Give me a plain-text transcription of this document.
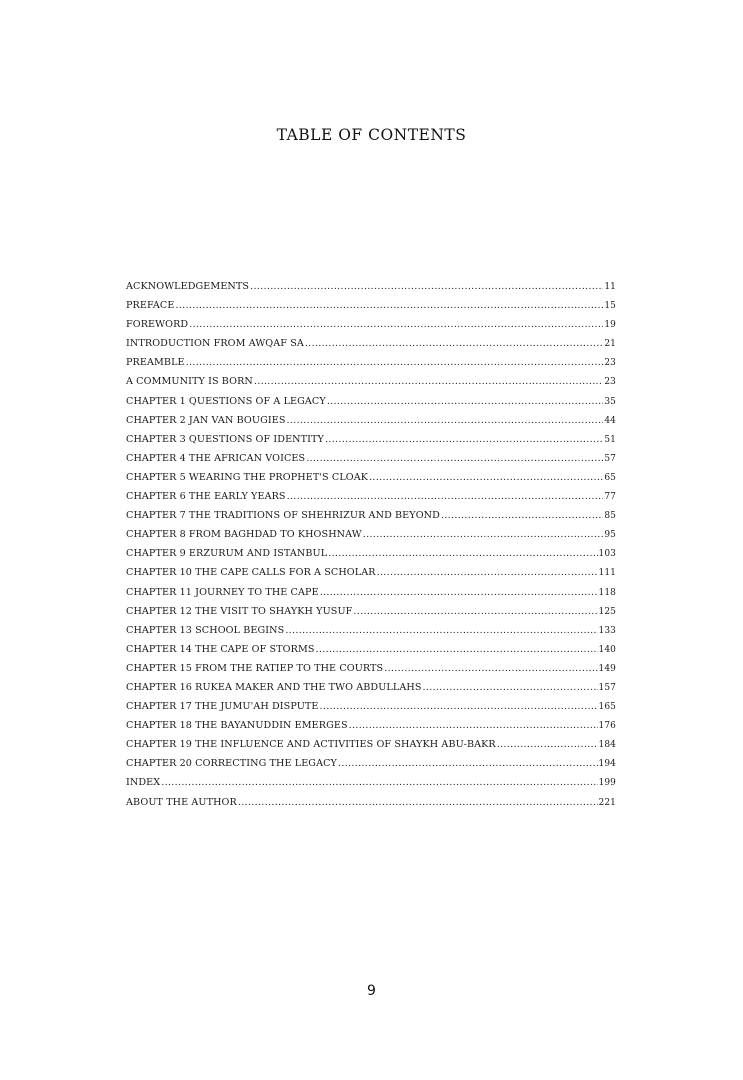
TABLE OF CONTENTS
ACKNOWLEDGEMENTS .....	11
PREFACE .....	15
FOREWORD .....	19
INTRODUCTION FROM AWQAF SA .....	21
PREAMBLE .....	23
A COMMUNITY IS BORN .....	23
CHAPTER 1 QUESTIONS OF A LEGACY .....	35
CHAPTER 2 JAN VAN BOUGIES .....	44
CHAPTER 3 QUESTIONS OF IDENTITY .....	51
CHAPTER 4 THE AFRICAN VOICES .....	57
CHAPTER 5 WEARING THE PROPHET'S CLOAK .....	65
CHAPTER 6 THE EARLY YEARS .....	77
CHAPTER 7 THE TRADITIONS OF SHEHRIZUR AND BEYOND .....	85
CHAPTER 8 FROM BAGHDAD TO KHOSHNAW .....	95
CHAPTER 9 ERZURUM AND ISTANBUL .....	103
CHAPTER 10 THE CAPE CALLS FOR A SCHOLAR .....	111
CHAPTER 11 JOURNEY TO THE CAPE .....	118
CHAPTER 12 THE VISIT TO SHAYKH YUSUF .....	125
CHAPTER 13 SCHOOL BEGINS .....	133
CHAPTER 14 THE CAPE OF STORMS .....	140
CHAPTER 15 FROM THE RATIEP TO THE COURTS .....	149
CHAPTER 16 RUKEA MAKER AND THE TWO ABDULLAHS .....	157
CHAPTER 17 THE JUMU'AH DISPUTE .....	165
CHAPTER 18 THE BAYANUDDIN EMERGES .....	176
CHAPTER 19 THE INFLUENCE AND ACTIVITIES OF SHAYKH ABU-BAKR .....	184
CHAPTER 20 CORRECTING THE LEGACY .....	194
INDEX .....	199
ABOUT THE AUTHOR .....	221
9
